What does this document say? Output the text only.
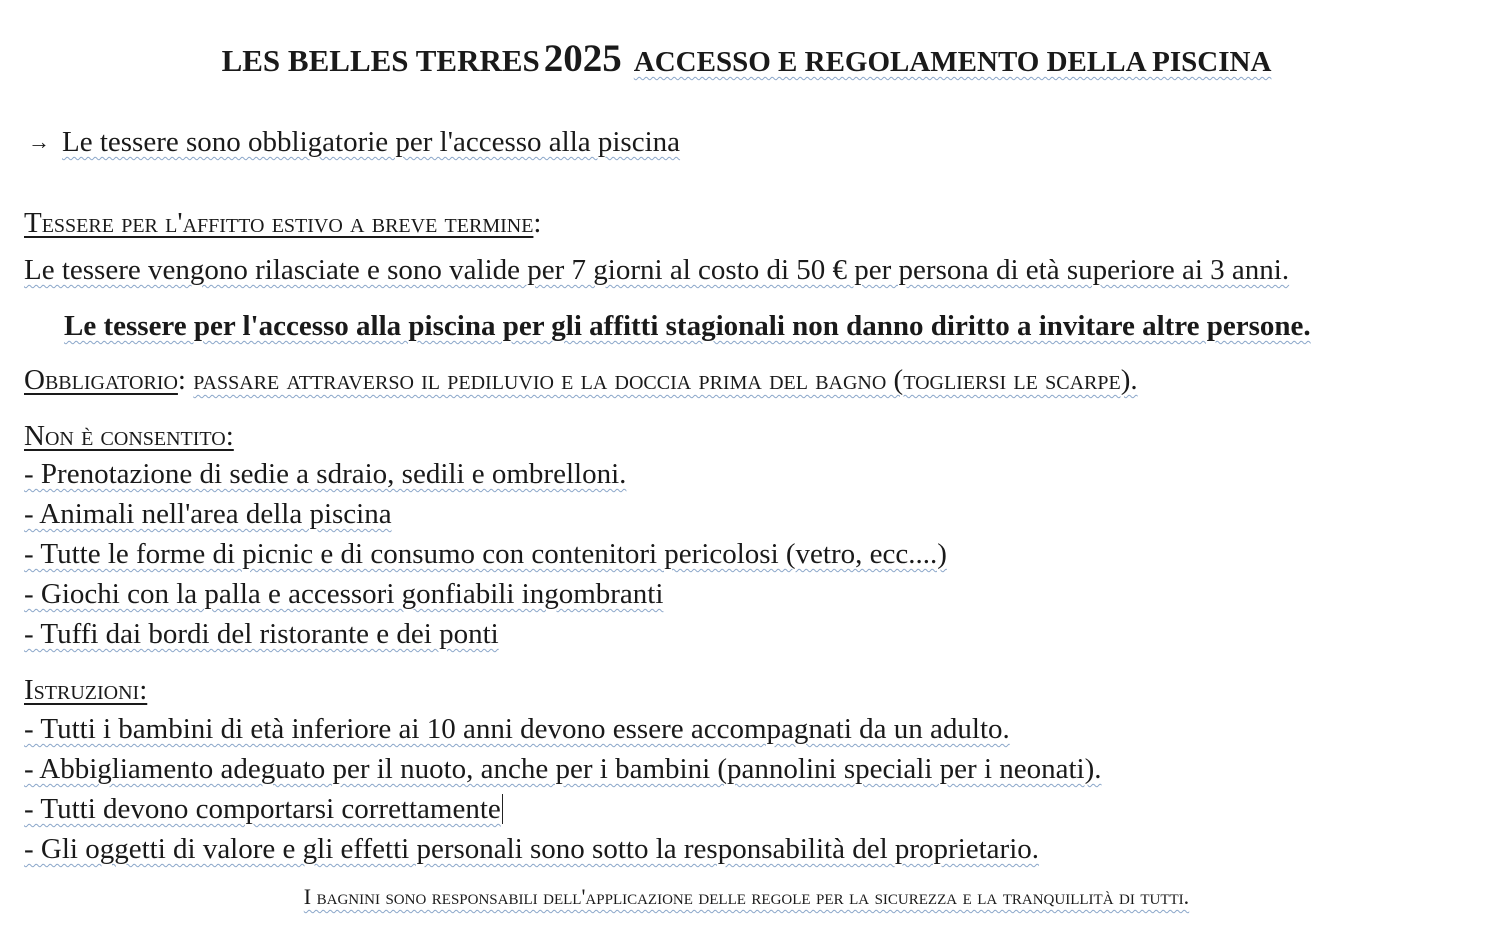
LES BELLES TERRES 2025 ACCESSO E REGOLAMENTO DELLA PISCINA
→ Le tessere sono obbligatorie per l'accesso alla piscina
Tessere per l'affitto estivo a breve termine:
Le tessere vengono rilasciate e sono valide per 7 giorni al costo di 50 € per persona di età superiore ai 3 anni.
Le tessere per l'accesso alla piscina per gli affitti stagionali non danno diritto a invitare altre persone.
Obbligatorio: passare attraverso il pediluvio e la doccia prima del bagno (togliersi le scarpe).
Non è consentito:
- Prenotazione di sedie a sdraio, sedili e ombrelloni.
- Animali nell'area della piscina
- Tutte le forme di picnic e di consumo con contenitori pericolosi (vetro, ecc....)
- Giochi con la palla e accessori gonfiabili ingombranti
- Tuffi dai bordi del ristorante e dei ponti
Istruzioni:
- Tutti i bambini di età inferiore ai 10 anni devono essere accompagnati da un adulto.
- Abbigliamento adeguato per il nuoto, anche per i bambini (pannolini speciali per i neonati).
- Tutti devono comportarsi correttamente
- Gli oggetti di valore e gli effetti personali sono sotto la responsabilità del proprietario.
I bagnini sono responsabili dell'applicazione delle regole per la sicurezza e la tranquillità di tutti.
